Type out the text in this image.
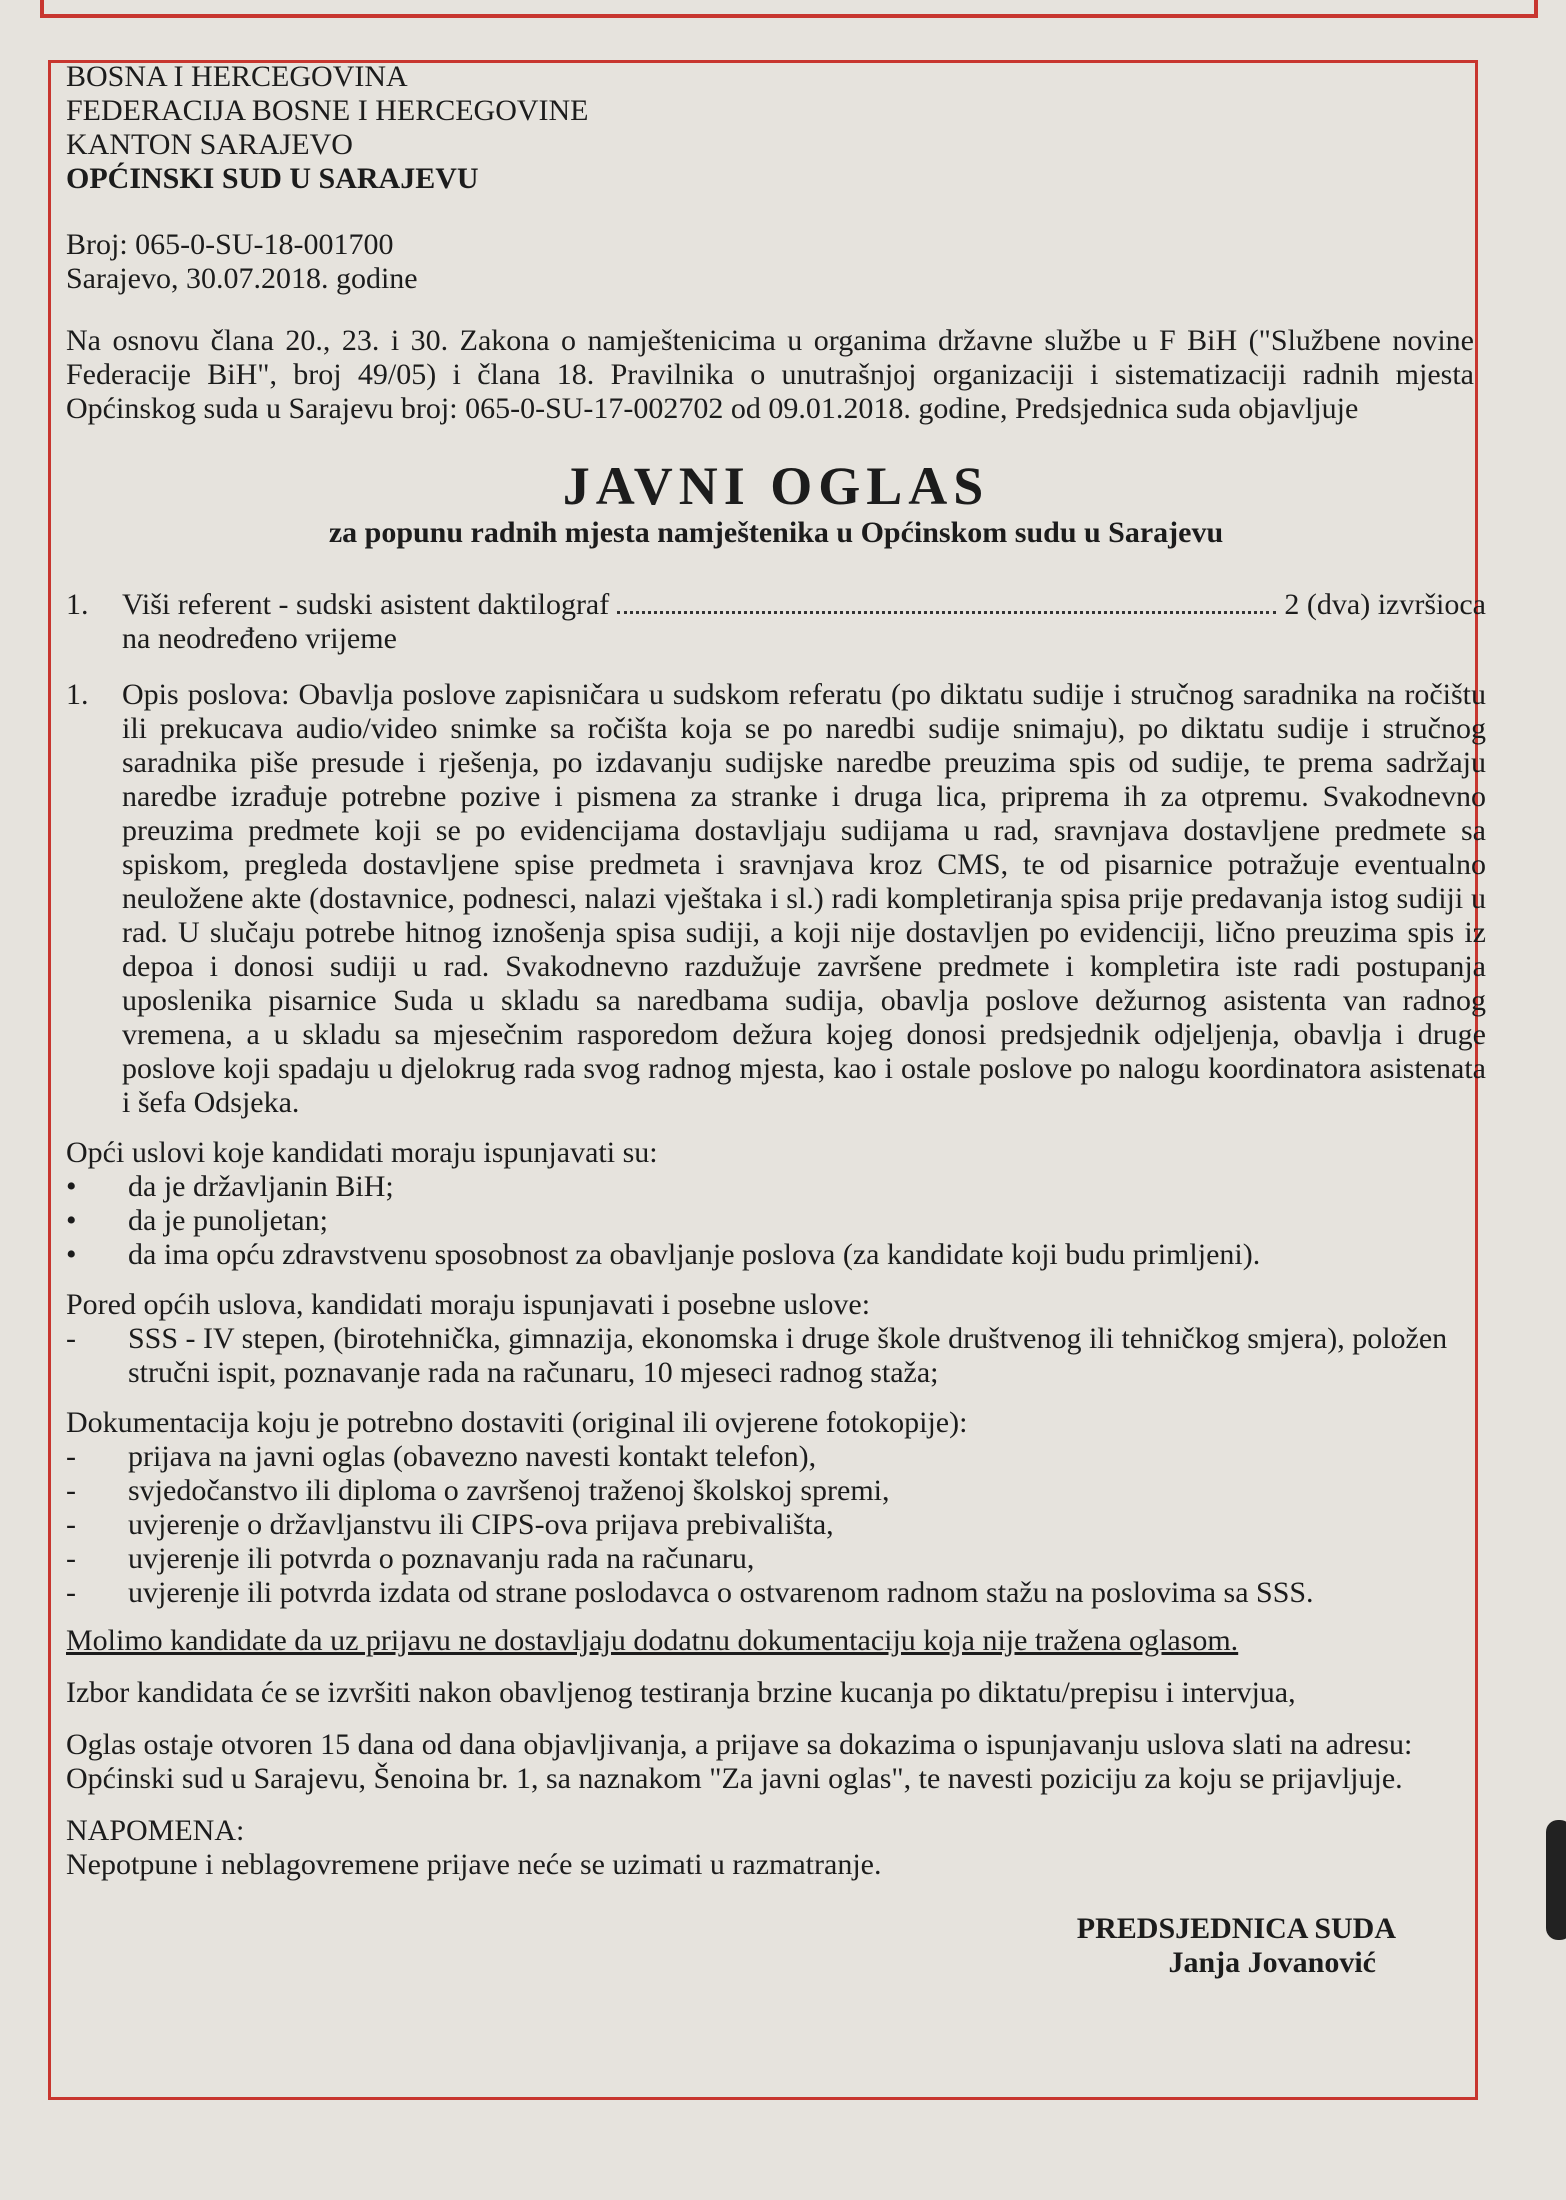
BOSNA I HERCEGOVINA

FEDERACIJA BOSNE I HERCEGOVINE

KANTON SARAJEVO

OPĆINSKI SUD U SARAJEVU

Broj: 065-0-SU-18-001700
Sarajevo, 30.07.2018. godine
Na osnovu člana 20., 23. i 30. Zakona o namještenicima u organima državne službe u F BiH ("Službene novine Federacije BiH", broj 49/05) i člana 18. Pravilnika o unutrašnjoj organizaciji i sistematizaciji radnih mjesta Općinskog suda u Sarajevu broj: 065-0-SU-17-002702 od 09.01.2018. godine, Predsjednica suda objavljuje
JAVNI OGLAS
za popunu radnih mjesta namještenika u Općinskom sudu u Sarajevu
1.	Viši referent - sudski asistent daktilograf	2 (dva) izvršioca
na neodređeno vrijeme
1.	Opis poslova: Obavlja poslove zapisničara u sudskom referatu (po diktatu sudije i stručnog saradnika na ročištu ili prekucava audio/video snimke sa ročišta koja se po naredbi sudije snimaju), po diktatu sudije i stručnog saradnika piše presude i rješenja, po izdavanju sudijske naredbe preuzima spis od sudije, te prema sadržaju naredbe izrađuje potrebne pozive i pismena za stranke i druga lica, priprema ih za otpremu. Svakodnevno preuzima predmete koji se po evidencijama dostavljaju sudijama u rad, sravnjava dostavljene predmete sa spiskom, pregleda dostavljene spise predmeta i sravnjava kroz CMS, te od pisarnice potražuje eventualno neuložene akte (dostavnice, podnesci, nalazi vještaka i sl.) radi kompletiranja spisa prije predavanja istog sudiji u rad. U slučaju potrebe hitnog iznošenja spisa sudiji, a koji nije dostavljen po evidenciji, lično preuzima spis iz depoa i donosi sudiji u rad. Svakodnevno razdužuje završene predmete i kompletira iste radi postupanja uposlenika pisarnice Suda u skladu sa naredbama sudija, obavlja poslove dežurnog asistenta van radnog vremena, a u skladu sa mjesečnim rasporedom dežura kojeg donosi predsjednik odjeljenja, obavlja i druge poslove koji spadaju u djelokrug rada svog radnog mjesta, kao i ostale poslove po nalogu koordinatora asistenata i šefa Odsjeka.
Opći uslovi koje kandidati moraju ispunjavati su:
•	da je državljanin BiH;
•	da je punoljetan;
•	da ima opću zdravstvenu sposobnost za obavljanje poslova (za kandidate koji budu primljeni).
Pored općih uslova, kandidati moraju ispunjavati i posebne uslove:
-	SSS - IV stepen, (birotehnička, gimnazija, ekonomska i druge škole društvenog ili tehničkog smjera), položen stručni ispit, poznavanje rada na računaru, 10 mjeseci radnog staža;
Dokumentacija koju je potrebno dostaviti (original ili ovjerene fotokopije):
-	prijava na javni oglas (obavezno navesti kontakt telefon),
-	svjedočanstvo ili diploma o završenoj traženoj školskoj spremi,
-	uvjerenje o državljanstvu ili CIPS-ova prijava prebivališta,
-	uvjerenje ili potvrda o poznavanju rada na računaru,
-	uvjerenje ili potvrda izdata od strane poslodavca o ostvarenom radnom stažu na poslovima sa SSS.
Molimo kandidate da uz prijavu ne dostavljaju dodatnu dokumentaciju koja nije tražena oglasom.
Izbor kandidata će se izvršiti nakon obavljenog testiranja brzine kucanja po diktatu/prepisu i intervjua,
Oglas ostaje otvoren 15 dana od dana objavljivanja, a prijave sa dokazima o ispunjavanju uslova slati na adresu: Općinski sud u Sarajevu, Šenoina br. 1, sa naznakom "Za javni oglas", te navesti poziciju za koju se prijavljuje.
NAPOMENA:
Nepotpune i neblagovremene prijave neće se uzimati u razmatranje.
PREDSJEDNICA SUDA
Janja Jovanović
